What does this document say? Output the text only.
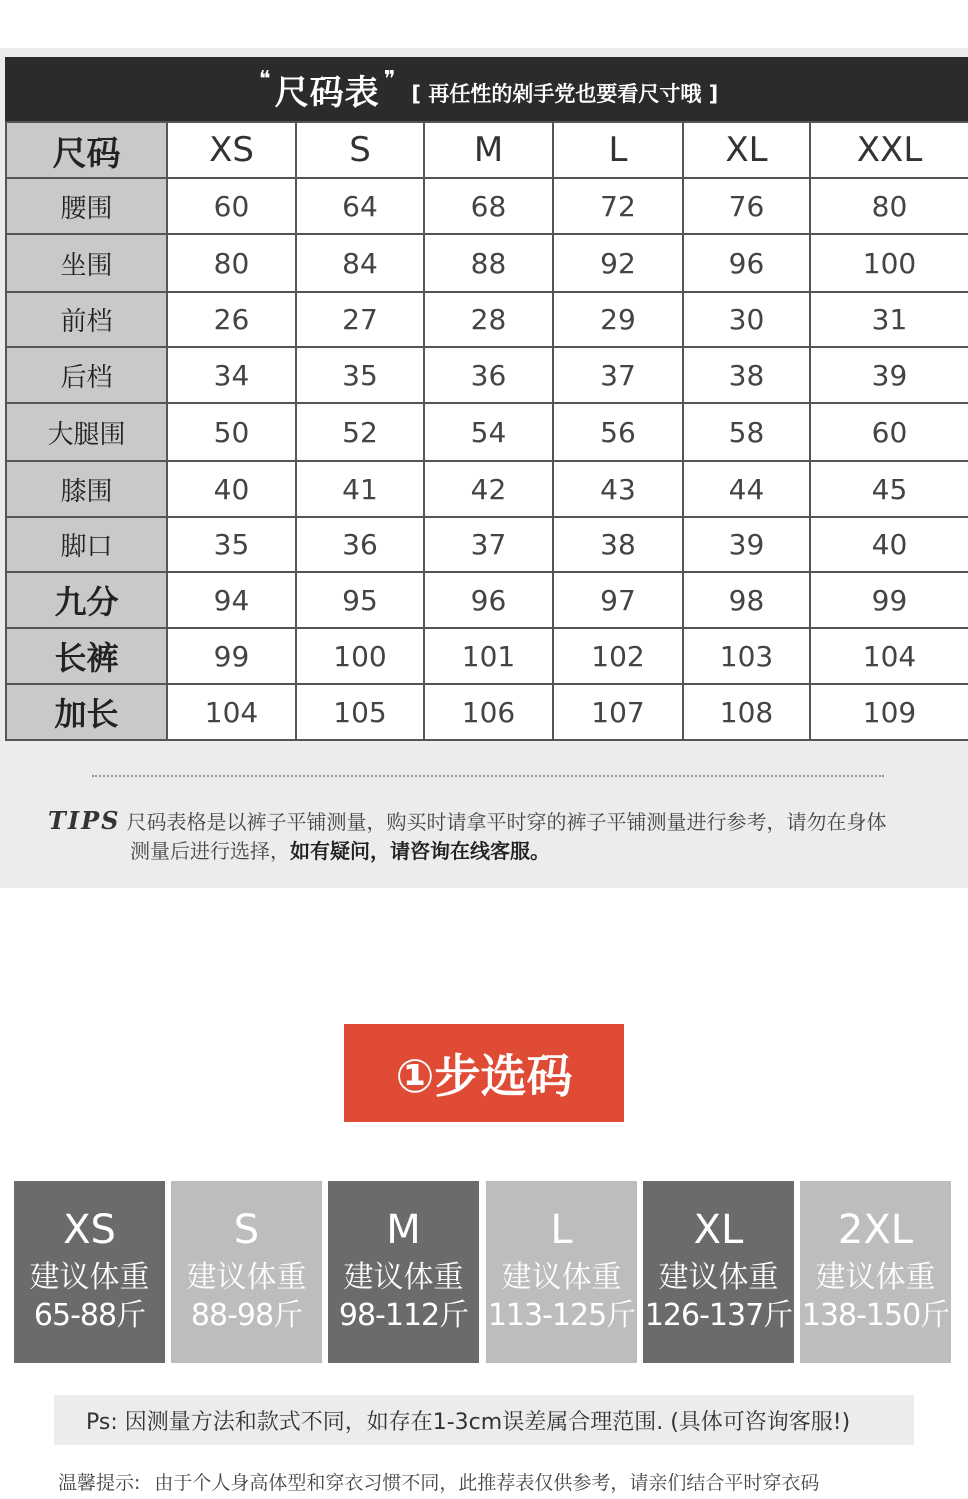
❝ 尺码表 ❞
[ 再任性的剁手党也要看尺寸哦 ]
尺码	XS	S	M	L	XL	XXL
腰围	60	64	68	72	76	80
坐围	80	84	88	92	96	100
前档	26	27	28	29	30	31
后档	34	35	36	37	38	39
大腿围	50	52	54	56	58	60
膝围	40	41	42	43	44	45
脚口	35	36	37	38	39	40
九分	94	95	96	97	98	99
长裤	99	100	101	102	103	104
加长	104	105	106	107	108	109
TIPS 尺码表格是以裤子平铺测量，购买时请拿平时穿的裤子平铺测量进行参考，请勿在身体
测量后进行选择，如有疑问，请咨询在线客服。
①步选码
XS
建议体重
65-88斤
S
建议体重
88-98斤
M
建议体重
98-112斤
L
建议体重
113-125斤
XL
建议体重
126-137斤
2XL
建议体重
138-150斤
Ps: 因测量方法和款式不同，如存在1-3cm误差属合理范围. (具体可咨询客服!)
温馨提示: 由于个人身高体型和穿衣习惯不同，此推荐表仅供参考，请亲们结合平时穿衣码
